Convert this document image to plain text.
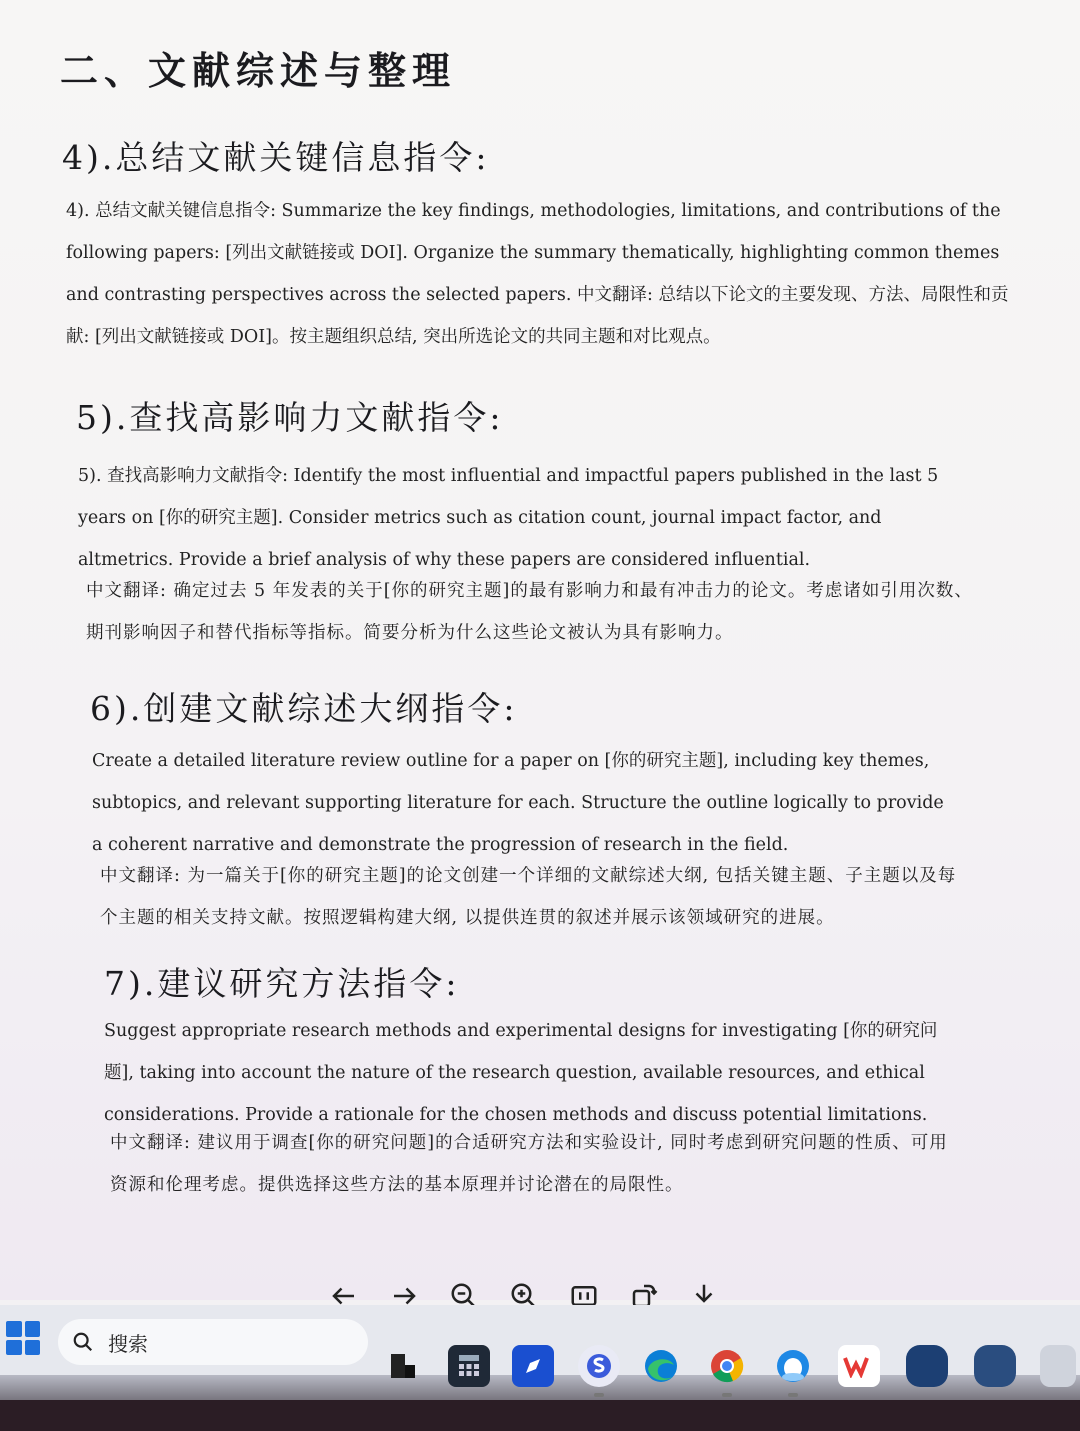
二、文献综述与整理
4).总结文献关键信息指令:

4). 总结文献关键信息指令: Summarize the key findings, methodologies, limitations, and contributions of the following papers: [列出文献链接或 DOI]. Organize the summary thematically, highlighting common themes and contrasting perspectives across the selected papers. 中文翻译: 总结以下论文的主要发现、方法、局限性和贡献: [列出文献链接或 DOI]。按主题组织总结, 突出所选论文的共同主题和对比观点。

5).查找高影响力文献指令:

5). 查找高影响力文献指令: Identify the most influential and impactful papers published in the last 5 years on [你的研究主题]. Consider metrics such as citation count, journal impact factor, and altmetrics. Provide a brief analysis of why these papers are considered influential.

中文翻译: 确定过去 5 年发表的关于[你的研究主题]的最有影响力和最有冲击力的论文。考虑诸如引用次数、期刊影响因子和替代指标等指标。简要分析为什么这些论文被认为具有影响力。

6).创建文献综述大纲指令:

Create a detailed literature review outline for a paper on [你的研究主题], including key themes, subtopics, and relevant supporting literature for each. Structure the outline logically to provide a coherent narrative and demonstrate the progression of research in the field.

中文翻译: 为一篇关于[你的研究主题]的论文创建一个详细的文献综述大纲, 包括关键主题、子主题以及每个主题的相关支持文献。按照逻辑构建大纲, 以提供连贯的叙述并展示该领域研究的进展。

7).建议研究方法指令:

Suggest appropriate research methods and experimental designs for investigating [你的研究问题], taking into account the nature of the research question, available resources, and ethical considerations. Provide a rationale for the chosen methods and discuss potential limitations.

中文翻译: 建议用于调查[你的研究问题]的合适研究方法和实验设计, 同时考虑到研究问题的性质、可用资源和伦理考虑。提供选择这些方法的基本原理并讨论潜在的局限性。

搜索
